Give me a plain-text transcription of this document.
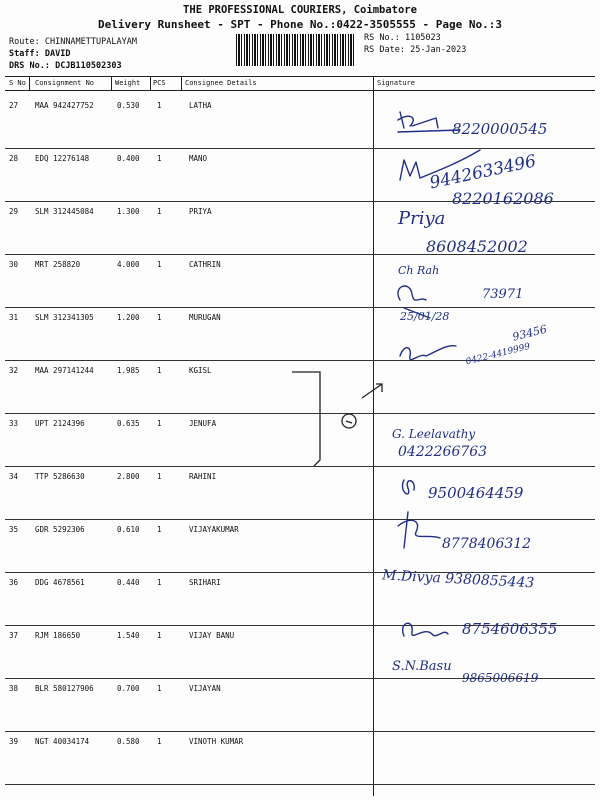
THE PROFESSIONAL COURIERS, Coimbatore
Delivery Runsheet - SPT - Phone No.:0422-3505555 - Page No.:3
Route: CHINNAMETTUPALAYAM
Staff: DAVID
DRS No.: DCJB110502303
RS No.: 1105023
RS Date: 25-Jan-2023
S No Consignment No	Weight PCS	Consignee Details	Signature
27 MAA 942427752	0.530 1	LATHA
28 EDQ 12276148	0.400 1	MANO
29 SLM 312445084	1.300 1	PRIYA
30 MRT 258820	4.000 1	CATHRIN
31 SLM 312341305	1.200 1	MURUGAN
32 MAA 297141244	1.985 1	KGISL
33 UPT 2124396	0.635 1	JENUFA
34 TTP 5286630	2.800 1	RAHINI
35 GDR 5292306	0.610 1	VIJAYAKUMAR
36 DDG 4678561	0.440 1	SRIHARI
37 RJM 186650	1.540 1	VIJAY BANU
38 BLR 580127906	0.700 1	VIJAYAN
39 NGT 40034174	0.580 1	VINOTH KUMAR
8220000545
9442633496
8220162086
Priya
8608452002
Ch Rah
25/01/28
73971
93456
0422-4419999
G. Leelavathy
0422266763
9500464459
8778406312
M.Divya 9380855443
8754606355
S.N.Basu
9865006619
